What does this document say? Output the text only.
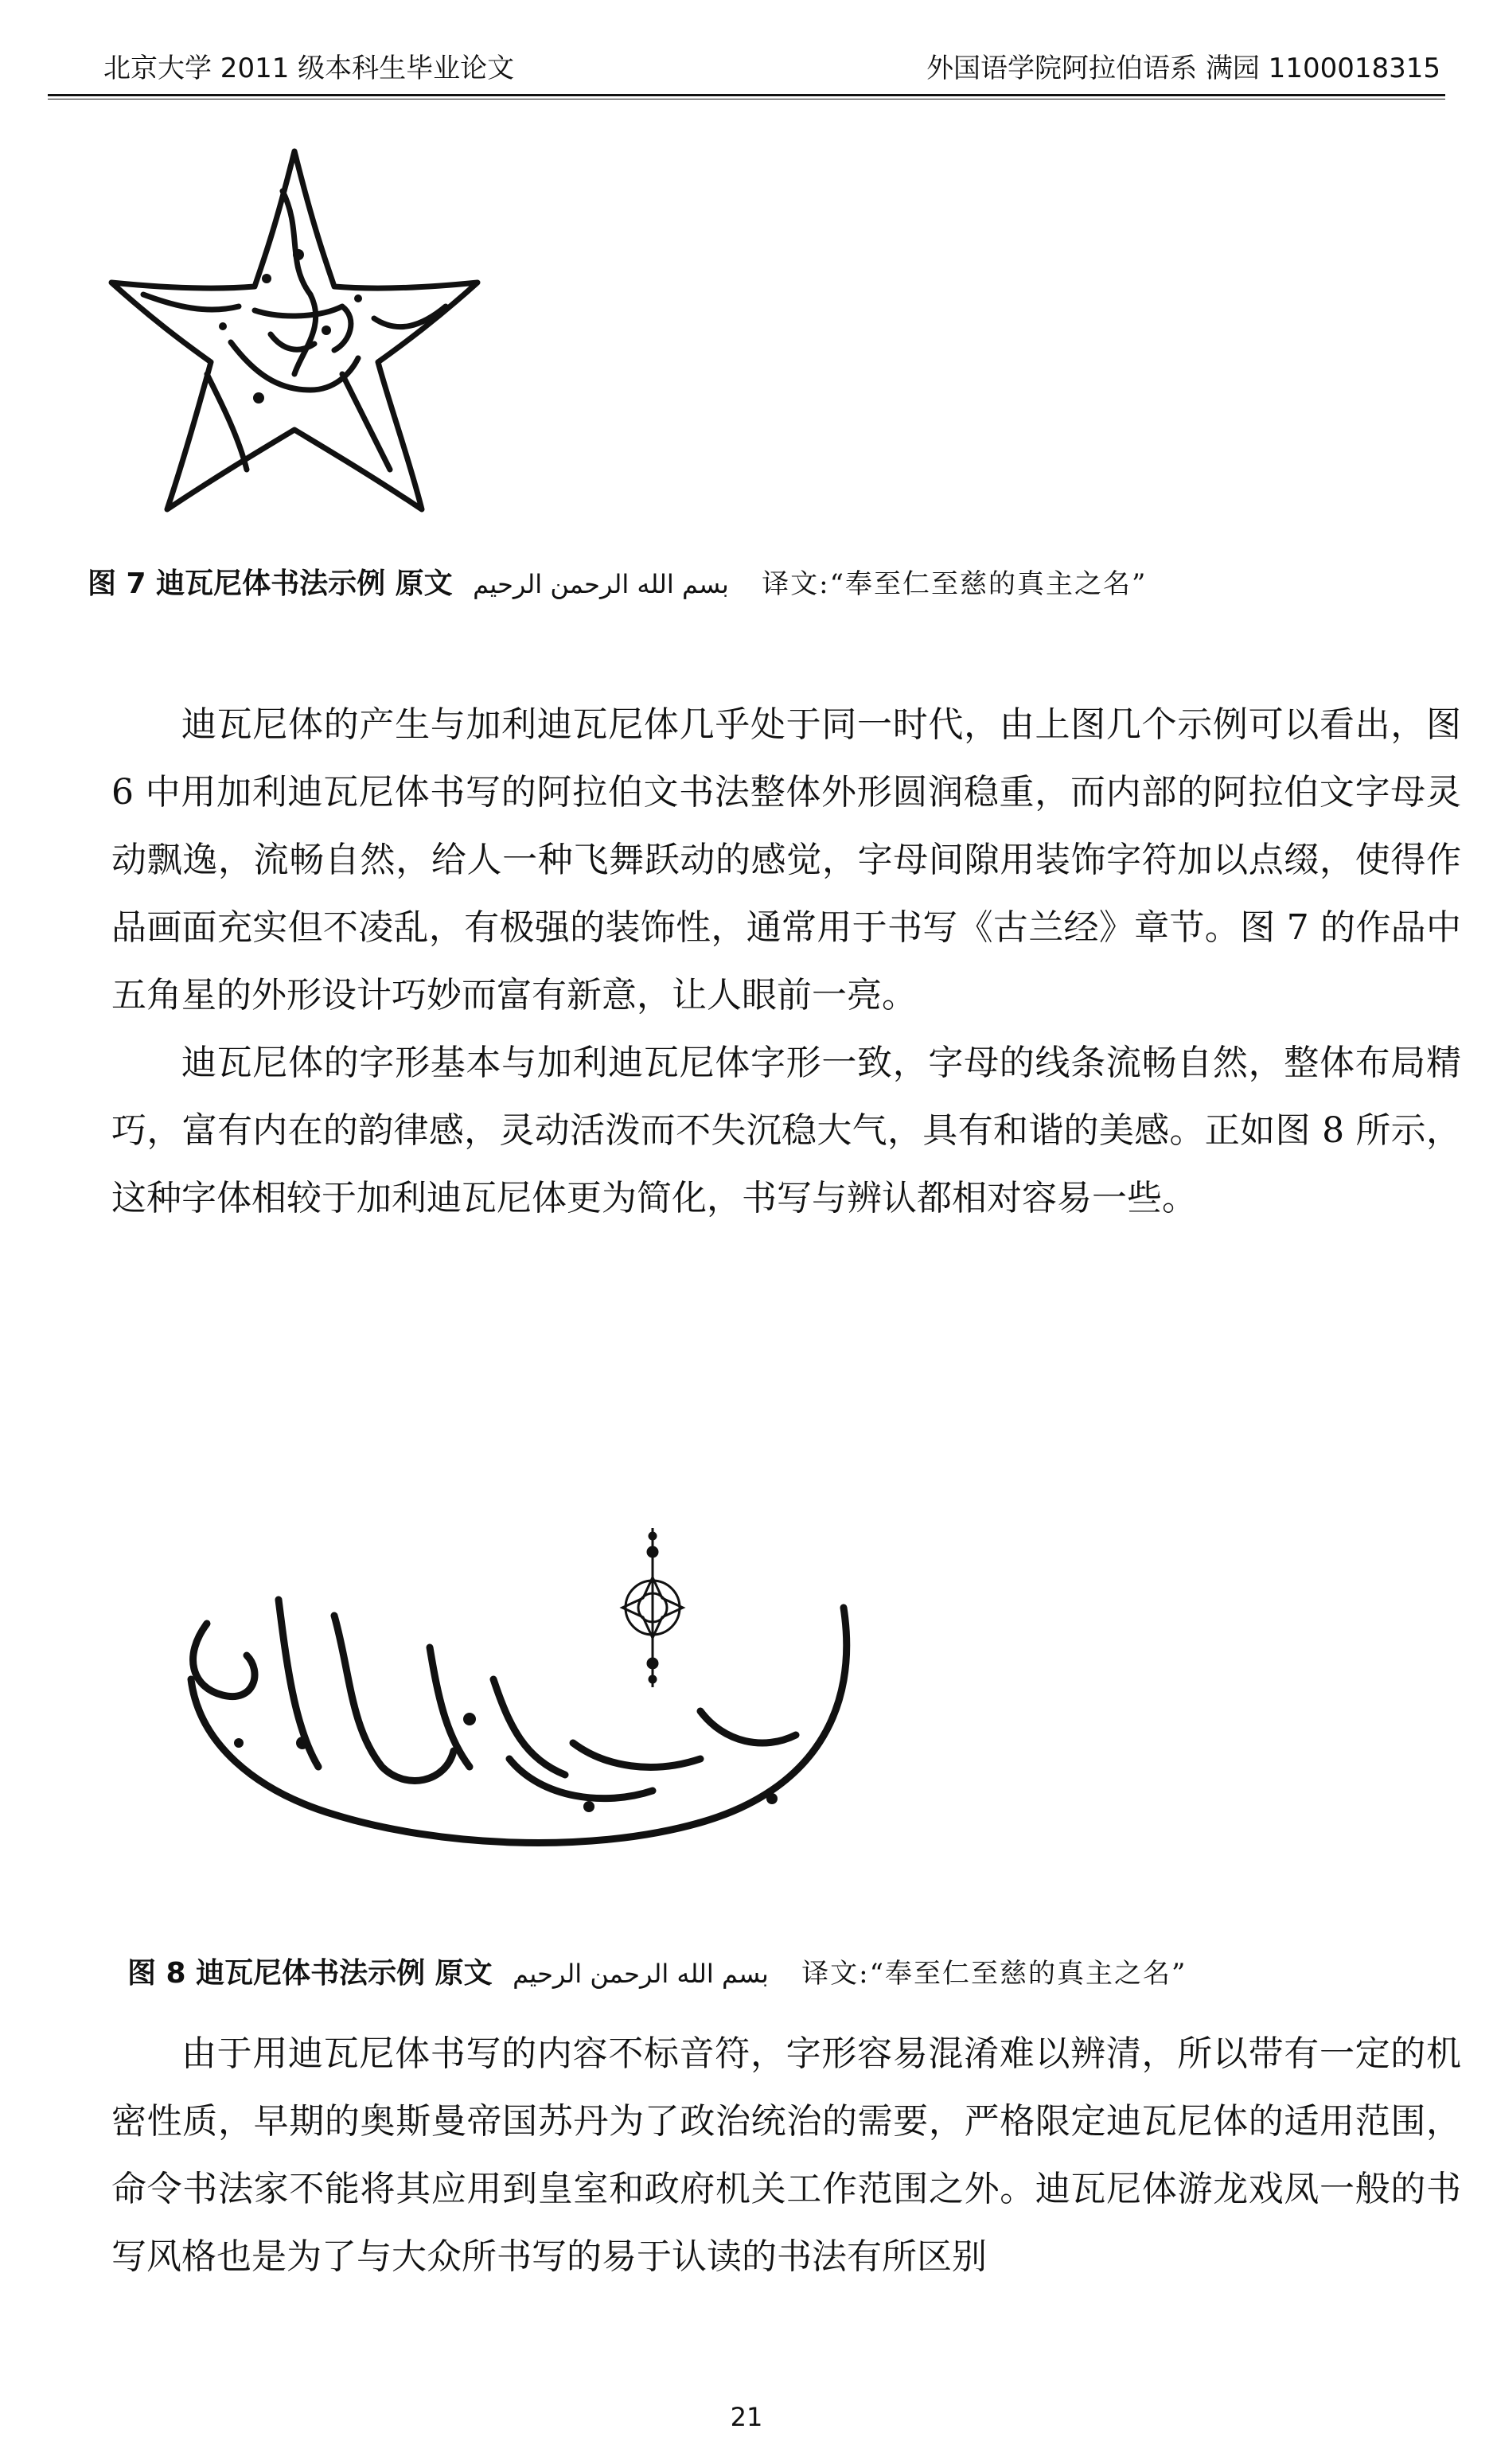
北京大学 2011 级本科生毕业论文	外国语学院阿拉伯语系 满园 1100018315
图 7 迪瓦尼体书法示例 原文 بسم الله الرحمن الرحيم 译文:“奉至仁至慈的真主之名”

迪瓦尼体的产生与加利迪瓦尼体几乎处于同一时代，由上图几个示例可以看出，图 6 中用加利迪瓦尼体书写的阿拉伯文书法整体外形圆润稳重，而内部的阿拉伯文字母灵动飘逸，流畅自然，给人一种飞舞跃动的感觉，字母间隙用装饰字符加以点缀，使得作品画面充实但不凌乱，有极强的装饰性，通常用于书写《古兰经》章节。图 7 的作品中五角星的外形设计巧妙而富有新意，让人眼前一亮。

迪瓦尼体的字形基本与加利迪瓦尼体字形一致，字母的线条流畅自然，整体布局精巧，富有内在的韵律感，灵动活泼而不失沉稳大气，具有和谐的美感。正如图 8 所示，这种字体相较于加利迪瓦尼体更为简化，书写与辨认都相对容易一些。

图 8 迪瓦尼体书法示例 原文 بسم الله الرحمن الرحيم 译文:“奉至仁至慈的真主之名”

由于用迪瓦尼体书写的内容不标音符，字形容易混淆难以辨清，所以带有一定的机密性质，早期的奥斯曼帝国苏丹为了政治统治的需要，严格限定迪瓦尼体的适用范围，命令书法家不能将其应用到皇室和政府机关工作范围之外。迪瓦尼体游龙戏凤一般的书写风格也是为了与大众所书写的易于认读的书法有所区别

21
